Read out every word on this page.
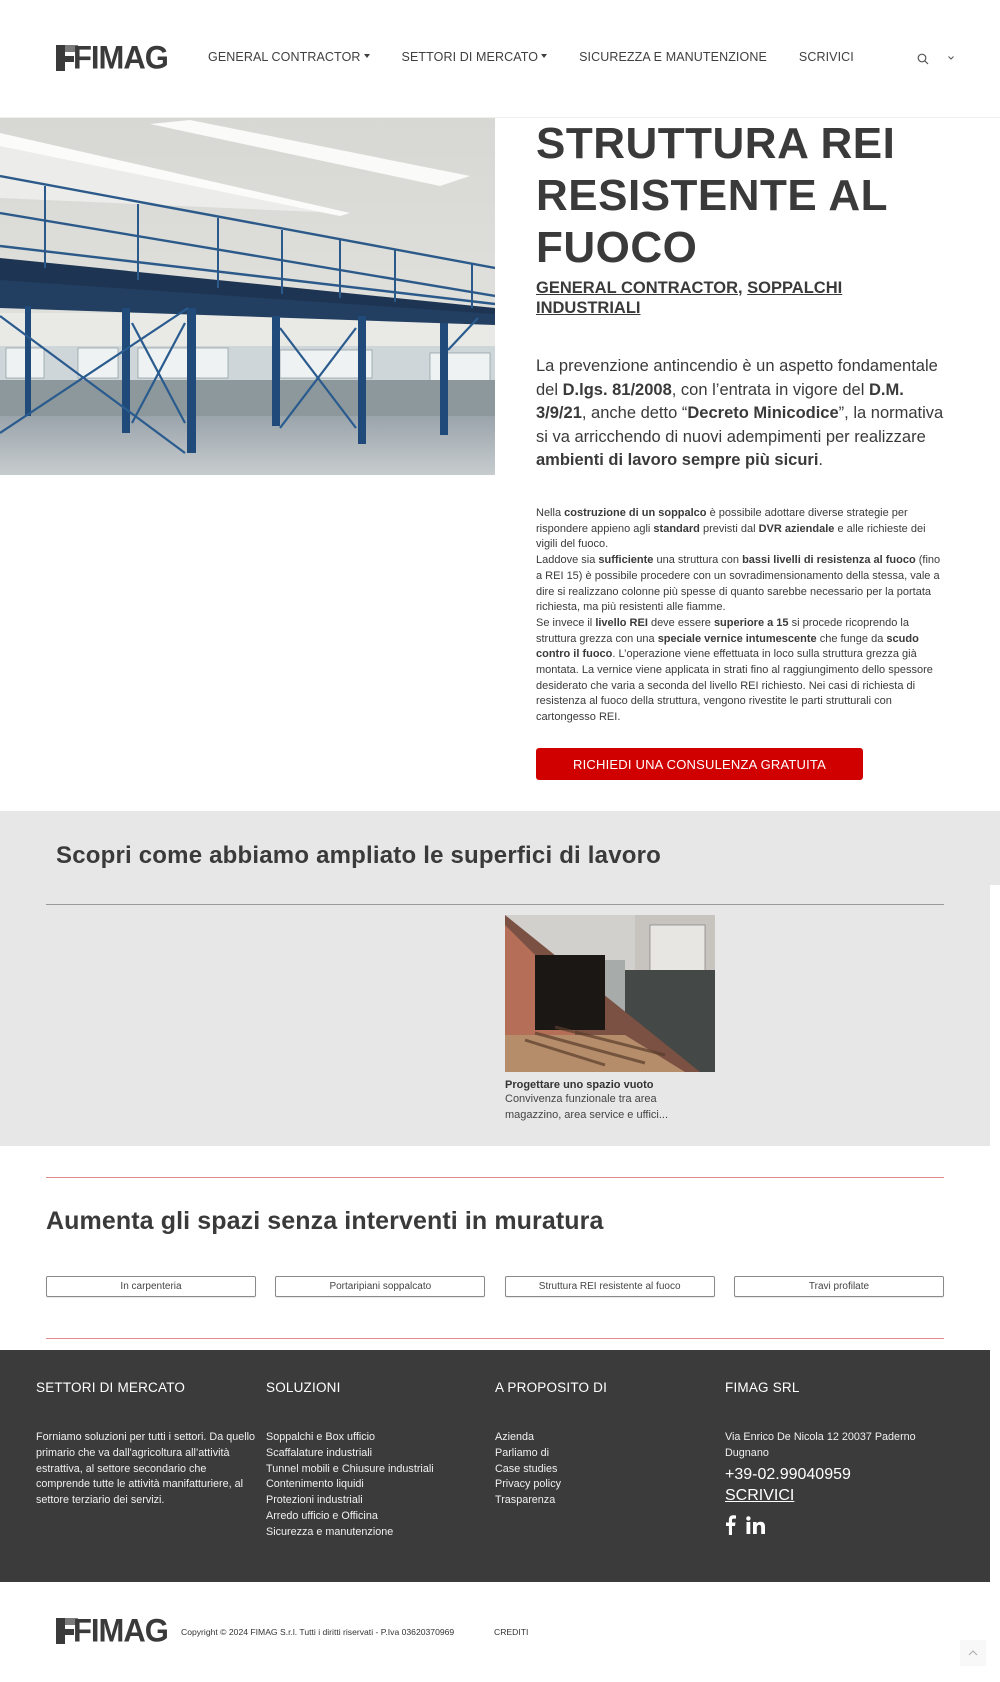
FIMAG	GENERAL CONTRACTOR	SETTORI DI MERCATO	SICUREZZA E MANUTENZIONE	SCRIVICI
STRUTTURA REI RESISTENTE AL FUOCO
GENERAL CONTRACTOR, SOPPALCHI INDUSTRIALI

La prevenzione antincendio è un aspetto fondamentale del D.lgs. 81/2008, con l’entrata in vigore del D.M. 3/9/21, anche detto “Decreto Minicodice”, la normativa si va arricchendo di nuovi adempimenti per realizzare ambienti di lavoro sempre più sicuri.

Nella costruzione di un soppalco è possibile adottare diverse strategie per rispondere appieno agli standard previsti dal DVR aziendale e alle richieste dei vigili del fuoco.
Laddove sia sufficiente una struttura con bassi livelli di resistenza al fuoco (fino a REI 15) è possibile procedere con un sovradimensionamento della stessa, vale a dire si realizzano colonne più spesse di quanto sarebbe necessario per la portata richiesta, ma più resistenti alle fiamme.
Se invece il livello REI deve essere superiore a 15 si procede ricoprendo la struttura grezza con una speciale vernice intumescente che funge da scudo contro il fuoco. L’operazione viene effettuata in loco sulla struttura grezza già montata. La vernice viene applicata in strati fino al raggiungimento dello spessore desiderato che varia a seconda del livello REI richiesto. Nei casi di richiesta di resistenza al fuoco della struttura, vengono rivestite le parti strutturali con cartongesso REI.
RICHIEDI UNA CONSULENZA GRATUITA
Scopri come abbiamo ampliato le superfici di lavoro
Progettare uno spazio vuoto
Convivenza funzionale tra area magazzino, area service e uffici...
Aumenta gli spazi senza interventi in muratura
In carpenteria	Portaripiani soppalcato	Struttura REI resistente al fuoco	Travi profilate
SETTORI DI MERCATO
Forniamo soluzioni per tutti i settori. Da quello primario che va dall'agricoltura all’attività estrattiva, al settore secondario che comprende tutte le attività manifatturiere, al settore terziario dei servizi.
SOLUZIONI
Soppalchi e Box ufficio
Scaffalature industriali
Tunnel mobili e Chiusure industriali
Contenimento liquidi
Protezioni industriali
Arredo ufficio e Officina
Sicurezza e manutenzione
A PROPOSITO DI
Azienda
Parliamo di
Case studies
Privacy policy
Trasparenza
FIMAG SRL
Via Enrico De Nicola 12 20037 Paderno Dugnano
+39-02.99040959
SCRIVICI
FIMAG Copyright © 2024 FIMAG S.r.l. Tutti i diritti riservati - P.Iva 03620370969	CREDITI
